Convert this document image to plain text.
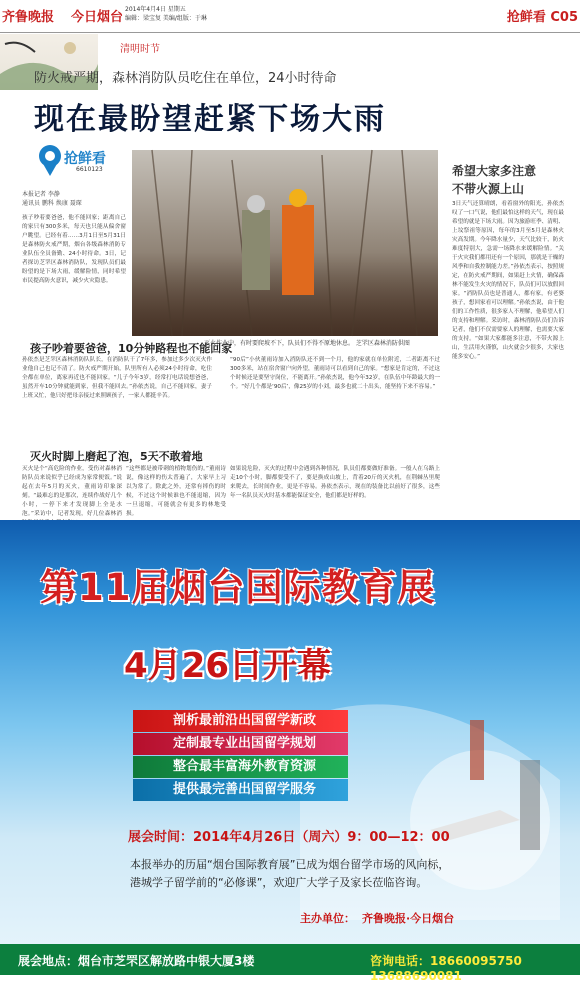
齐鲁晚报 今日烟台
2014年4月4日 星期五
编辑：梁宝复 美编/组版：于琳	抢鲜看 C05
清明时节
防火戒严期，森林消防队员吃住在单位，24小时待命
现在最盼望赶紧下场大雨
抢鲜看
6610123
本报记者 李静
通讯员 鹏科 焕康 聂琛
孩子吵着要爸爸，他不能回家；距离自己的家只有300多米，每天也只能从偏舍窗户眺望。已经有着……3月1日至5月31日是森林防火戒严期，烟台各级森林消防专业队伍全员备勤、24小时待命。3日，记者探访芝罘区森林消防队，发现队员们最盼望的是下场大雨，缓解险情，同时希望市民提高防火意识，减少火灾隐患。
灭火作业中，有时要爬坡不下，队员们不得不原地休息。 芝罘区森林消防供图
希望大家多注意
不带火源上山
3日天气还算晴朗，看着窗外的阳光，孙依杰叹了一口气说，他们最怕这样的天气，现在最希望的就是下场大雨。因为旅游旺季、清明、上坟祭祖等原因，每年的3月至5月是森林火灾高发期。今年降水量少，天气比较干，防火难度特别大，急需一场降水来缓解险情。“关于火灾我们都用还有一个原因，那就是干燥的风季和自我控制能力差。”孙依杰表示，按照规定，在防火戒严期间，如果赶上火情，确保森林不能发生火灾的情况下，队员们可以放假回家。“消防队员也是普通人，都有家，有老婆孩子，想回家看可以理解。”孙依杰说，由于他们的工作性质，很多家人不理解，他希望人们的支持和理解。采访时，森林消防队员们告诉记者，他们不仅需要家人的理解，也需要大家的支持。“如果大家都能多注意，不带火源上山，生活用火谨慎，山火就会少很多，大家也能多安心。”
孩子吵着要爸爸，10分钟路程也不能回家
孙依杰是芝罘区森林消防队队长，在消防队干了7年多，参加过多少次灭火作业他自己也记不清了。防火戒严期开始，队里所有人必须24小时待命，吃住全都在单位，离家再近也不能回家。“儿子今年3岁，经常打电话说想爸爸，虽然开车10分钟就能到家，但我不能回去。”孙依杰说，自己不能回家，妻子上班又忙，他只好把母亲接过来照顾孩子，一家人都挺辛苦。
“90后”小伙董雨诗加入消防队还不到一个月，他的家就在单位附近，二者距离不过300多米，站在宿舍窗户向外望，董雨诗可以看到自己的家。“想家是肯定的，不过这个时候还是要坚守岗位，不能离开。”孙依杰说，他今年32岁，在队伍中年龄最大的一个。“好几个都是‘90后’，像25岁的小刘，最多也就二十出头，能坚持下来不容易。”
灭火时脚上磨起了泡，5天不敢着地
灭火是个“高危险的作业，受伤对森林消防队员来说似乎已经成为家常便饭。”说起在去年5月的灭火，董雨诗印象深刻。“最难忘的是那次，连续作战好几个小时，一停下来才发现脚上全是水泡。”采访中，记者发现，好几位森林消
“这些都是被带刺的植物划伤的。”董雨诗说，像这样的伤太普遍了，大家早上习以为常了。除此之外，还常有摔伤的时候，不过这个时候谁也不能退缩，因为一旦退缩，可能就会有更多的林地受损。
如果说危险，灭火的过程中会遇到各种情况，队员们都要做好准备。一般人在乌路上走10个小时，脚都要受不了，要是换成山坡上，背着20斤的灭火机，在荆棘丛里爬来爬去，长时间作业，更是不容易。孙依杰表示，现在的装备比以前好了很多，这些年一名队员灭火时基本都能保证安全，他们都是好样的。
第11届烟台国际教育展
4月26日开幕
剖析最前沿出国留学新政
定制最专业出国留学规划
整合最丰富海外教育资源
提供最完善出国留学服务
展会时间：2014年4月26日（周六）9：00—12：00
本报举办的历届“烟台国际教育展”已成为烟台留学市场的风向标，
港城学子留学前的“必修课”，欢迎广大学子及家长莅临咨询。
主办单位： 齐鲁晚报·今日烟台
展会地点：烟台市芝罘区解放路中银大厦3楼	咨询电话：18660095750 13688690081
